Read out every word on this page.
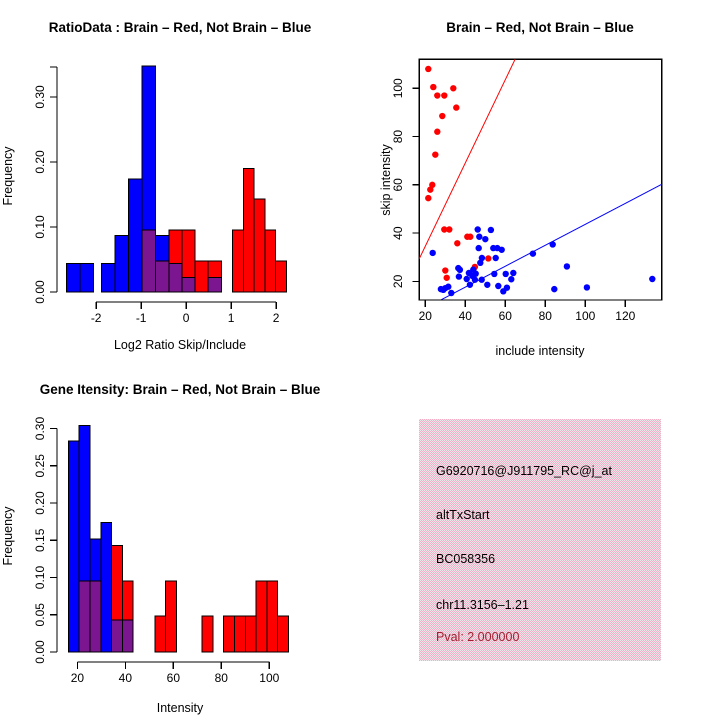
RatioData : Brain – Red, Not Brain – Blue
Frequency
Log2 Ratio Skip/Include
-2	-1	0	1	2
0.00
0.10
0.20
0.30
Brain – Red, Not Brain – Blue
skip intensity
include intensity
20 40 60 80 100 120
20
40
60
80
100
Gene Itensity: Brain – Red, Not Brain – Blue
Frequency
Intensity
20	40	60	80	100
0.00
0.05
0.10
0.15
0.20
0.25
0.30
G6920716@J911795_RC@j_at
altTxStart
BC058356
chr11.3156–1.21
Pval: 2.000000
